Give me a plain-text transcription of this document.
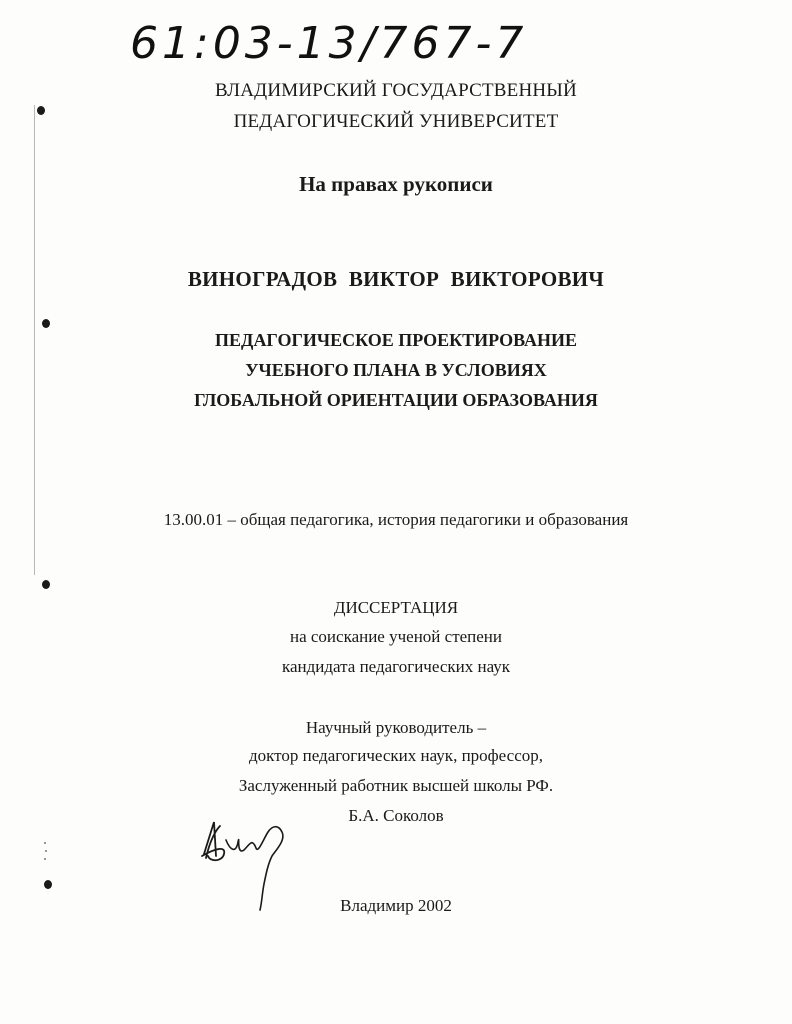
61:03-13/767-7
ВЛАДИМИРСКИЙ ГОСУДАРСТВЕННЫЙ
ПЕДАГОГИЧЕСКИЙ УНИВЕРСИТЕТ
На правах рукописи
ВИНОГРАДОВ ВИКТОР ВИКТОРОВИЧ
ПЕДАГОГИЧЕСКОЕ ПРОЕКТИРОВАНИЕ
УЧЕБНОГО ПЛАНА В УСЛОВИЯХ
ГЛОБАЛЬНОЙ ОРИЕНТАЦИИ ОБРАЗОВАНИЯ
13.00.01 – общая педагогика, история педагогики и образования
ДИССЕРТАЦИЯ
на соискание ученой степени
кандидата педагогических наук
Научный руководитель –
доктор педагогических наук, профессор,
Заслуженный работник высшей школы РФ.
Б.А. Соколов
Владимир 2002
